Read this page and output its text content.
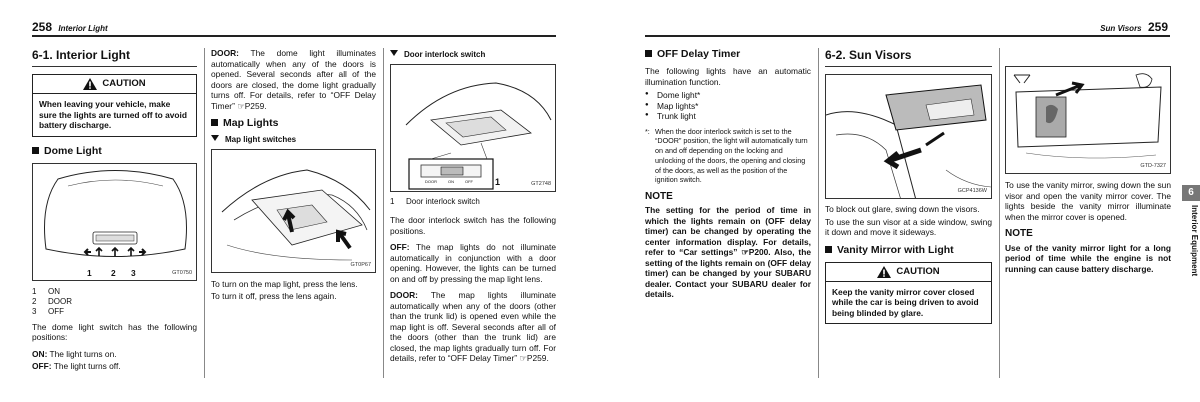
258 Interior Light
6-1. Interior Light
CAUTION
When leaving your vehicle, make sure the lights are turned off to avoid battery discharge.
Dome Light
1 2 3	GT0750
1	ON
2	DOOR
3	OFF

The dome light switch has the following positions:

ON: The light turns on.

OFF: The light turns off.

DOOR: The dome light illuminates automatically when any of the doors is opened. Several seconds after all of the doors are closed, the dome light gradually turns off. For details, refer to “OFF Delay Timer” ☞P259.

Map Lights
Map light switches
GT0P67

To turn on the map light, press the lens.

To turn it off, press the lens again.

Door interlock switch
DOOR	ON	OFF 1	GT2748
1	Door interlock switch

The door interlock switch has the following positions.

OFF: The map lights do not illuminate automatically in conjunction with a door opening. However, the lights can be turned on and off by pressing the map light lens.

DOOR: The map lights illuminate automatically when any of the doors (other than the trunk lid) is opened even while the map light is off. Several seconds after all of the doors (other than the trunk lid) are closed, the map lights gradually turn off. For details, refer to “OFF Delay Timer” ☞P259.

Sun Visors 259
OFF Delay Timer

The following lights have an automatic illumination function.

● Dome light*
● Map lights*
● Trunk light
*: When the door interlock switch is set to the “DOOR” position, the light will automatically turn on and off depending on the locking and unlocking of the doors, the opening and closing of the doors, as well as the position of the ignition switch.
NOTE
The setting for the period of time in which the lights remain on (OFF delay timer) can be changed by operating the center information display. For details, refer to “Car settings” ☞P200. Also, the setting of the lights remain on (OFF delay timer) can be changed by your SUBARU dealer. Contact your SUBARU dealer for details.
6-2. Sun Visors
GCP4136W

To block out glare, swing down the visors.

To use the sun visor at a side window, swing it down and move it sideways.

Vanity Mirror with Light
CAUTION
Keep the vanity mirror cover closed while the car is being driven to avoid being blinded by glare.
GTD-7327

To use the vanity mirror, swing down the sun visor and open the vanity mirror cover. The lights beside the vanity mirror illuminate when the mirror cover is opened.

NOTE
Use of the vanity mirror light for a long period of time while the engine is not running can cause battery discharge.
6
Interior Equipment
